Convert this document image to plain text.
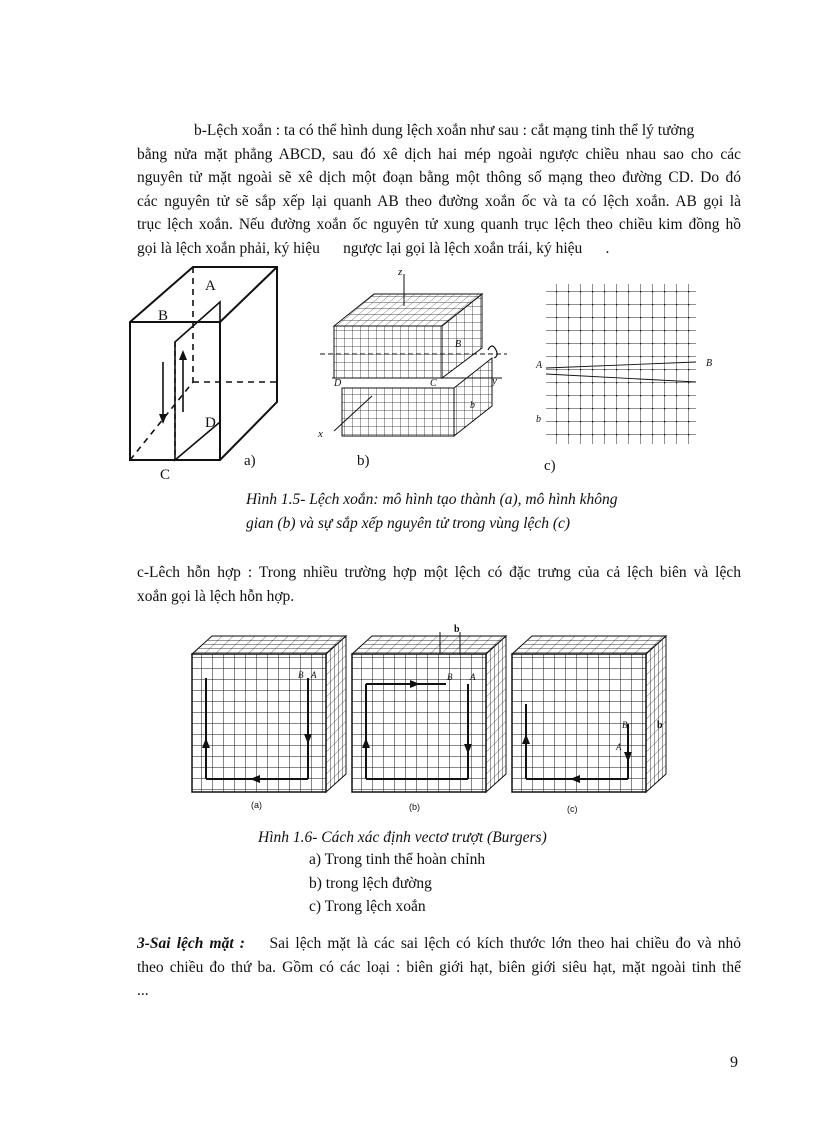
b-Lệch xoắn : ta có thể hình dung lệch xoắn như sau : cắt mạng tinh thể lý tưởng
bằng nửa mặt phẳng ABCD, sau đó xê dịch hai mép ngoài ngược chiều nhau sao cho các
nguyên tử mặt ngoài sẽ xê dịch một đoạn bằng một thông số mạng theo đường CD. Do đó
các nguyên tử sẽ sắp xếp lại quanh AB theo đường xoắn ốc và ta có lệch xoắn. AB gọi là
trục lệch xoắn. Nếu đường xoắn ốc nguyên tử xung quanh trục lệch theo chiều kim đồng hồ
gọi là lệch xoắn phải, ký hiệu      ngược lại gọi là lệch xoắn trái, ký hiệu      .
A
B
D
C
a)
z
B
D	C	y
b⃗
x
b)
A	B
b⃗
c)
Hình 1.5- Lệch xoắn: mô hình tạo thành (a), mô hình không
gian (b) và sự sắp xếp nguyên tử trong vùng lệch (c)
c-Lêch hỗn hợp : Trong nhiều trường hợp một lệch có đặc trưng của cả lệch biên và lệch
xoắn gọi là lệch hỗn hợp.
(a)	(b)	(c)
B A
b
B A
B
A
b
Hình 1.6- Cách xác định vectơ trượt (Burgers)
a) Trong tinh thể hoàn chỉnh
b) trong lệch đường
c) Trong lệch xoắn
3-Sai lệch mặt : Sai lệch mặt là các sai lệch có kích thước lớn theo hai chiều đo và nhỏ
theo chiều đo thứ ba. Gồm có các loại : biên giới hạt, biên giới siêu hạt, mặt ngoài tinh thể
...
9
